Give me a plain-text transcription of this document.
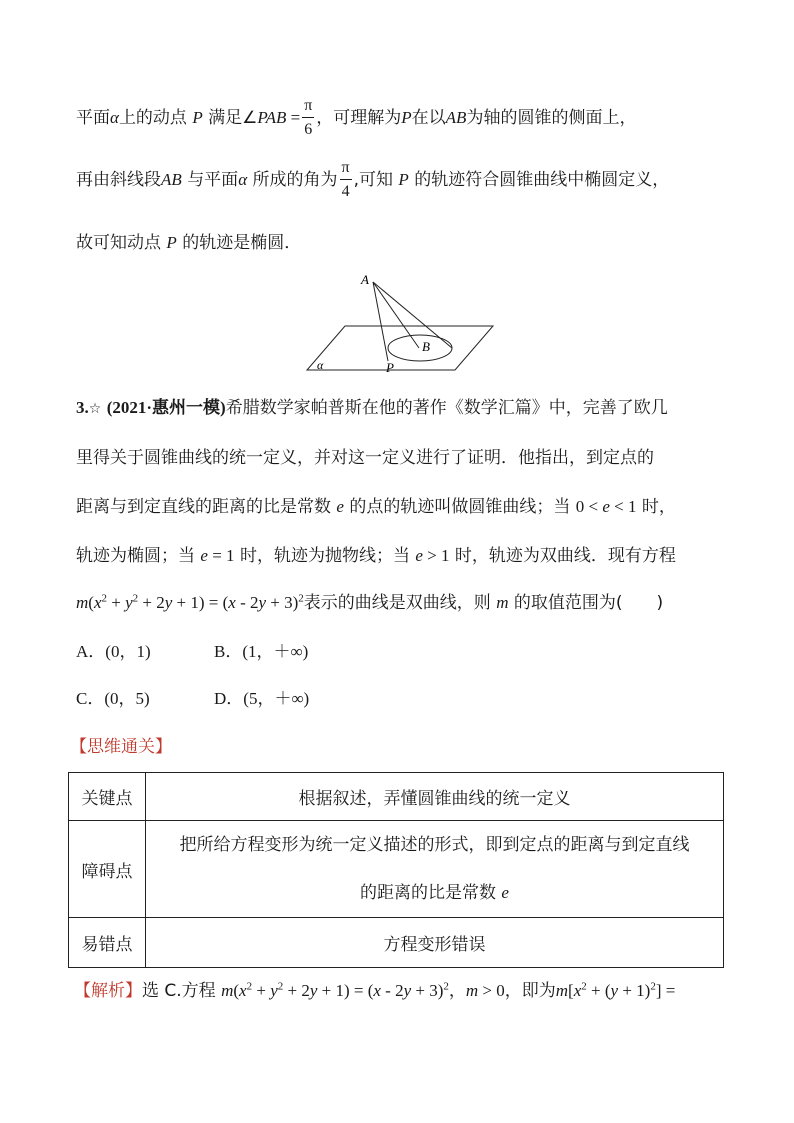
平面α上的动点 P 满足∠PAB = $\frac{\pi}{6}$ ，可理解为P在以AB为轴的圆锥的侧面上，
再由斜线段AB 与平面α 所成的角为 $\frac{\pi}{4}$ ,可知 P 的轨迹符合圆锥曲线中椭圆定义，
故可知动点 P 的轨迹是椭圆．
A
B
P
α
3.☆ (2021·惠州一模)希腊数学家帕普斯在他的著作《数学汇篇》中，完善了欧几
里得关于圆锥曲线的统一定义，并对这一定义进行了证明．他指出，到定点的
距离与到定直线的距离的比是常数 e 的点的轨迹叫做圆锥曲线；当 0 < e < 1 时，
轨迹为椭圆；当 e = 1 时，轨迹为抛物线；当 e > 1 时，轨迹为双曲线．现有方程
$m(x^2 + y^2 + 2y + 1) = (x - 2y + 3)^2$表示的曲线是双曲线，则 m 的取值范围为(　　)
A．(0，1)	B．(1，＋∞)
C．(0，5)	D．(5，＋∞)
【思维通关】
关键点	根据叙述，弄懂圆锥曲线的统一定义
障碍点	把所给方程变形为统一定义描述的形式，即到定点的距离与到定直线
的距离的比是常数 e

易错点	方程变形错误
【解析】选 C.方程 $m(x^2 + y^2 + 2y + 1) = (x - 2y + 3)^2$，m > 0，即为$m[x^2 + (y + 1)^2]$ =
